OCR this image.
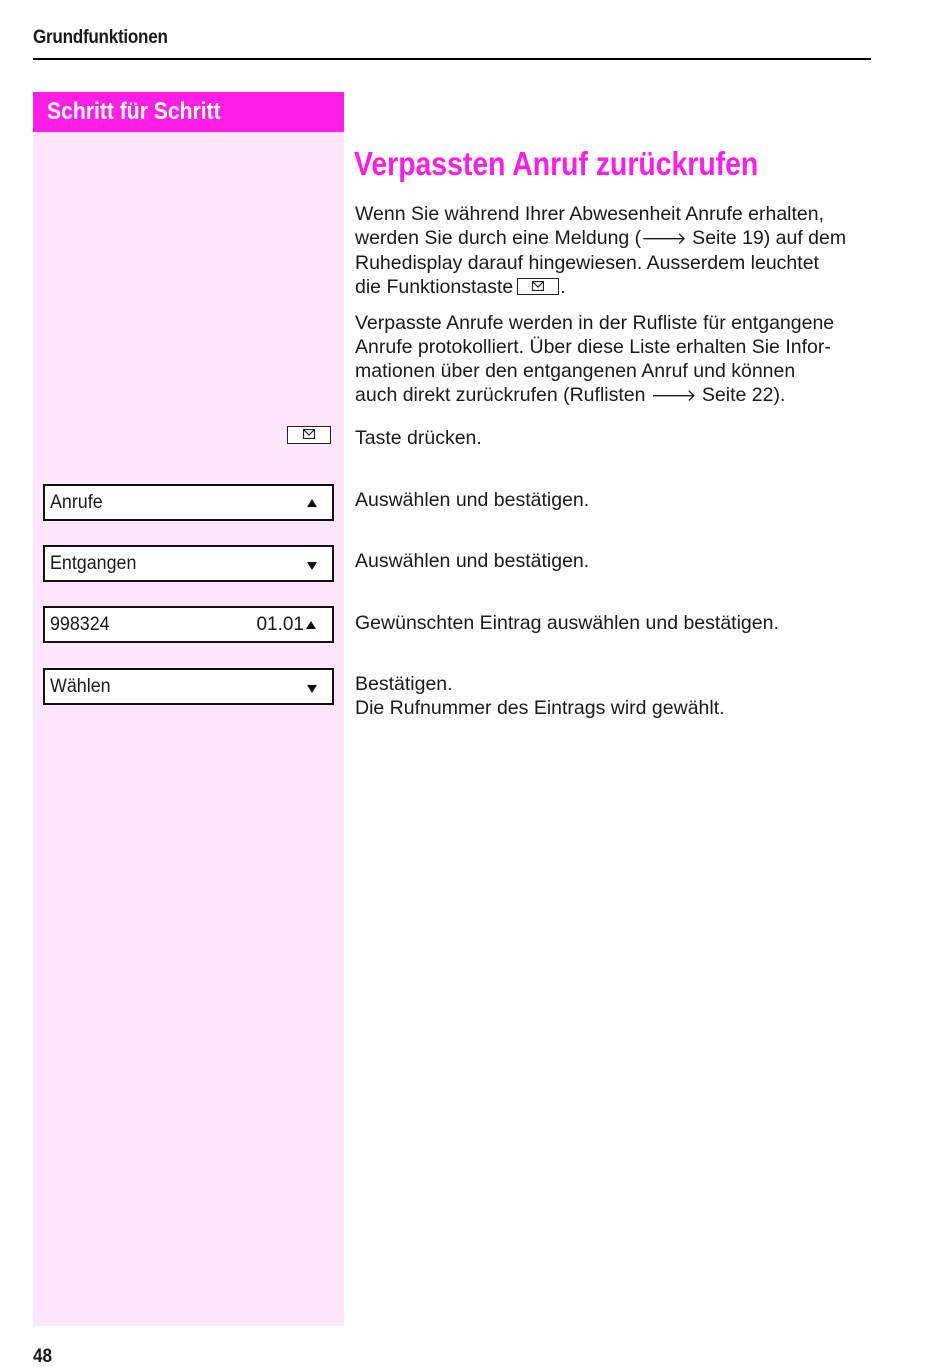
Grundfunktionen
Schritt für Schritt
Verpassten Anruf zurückrufen

Wenn Sie während Ihrer Abwesenheit Anrufe erhalten,
werden Sie durch eine Meldung (🡒 Seite 19) auf dem
Ruhedisplay darauf hingewiesen. Ausserdem leuchtet
die Funktionstaste .

Verpasste Anrufe werden in der Rufliste für entgangene
Anrufe protokolliert. Über diese Liste erhalten Sie Infor-
mationen über den entgangenen Anruf und können
auch direkt zurückrufen (Ruflisten 🡒 Seite 22).

Taste drücken.
Anrufe	Auswählen und bestätigen.
Entgangen	Auswählen und bestätigen.
998324	01.01	Gewünschten Eintrag auswählen und bestätigen.
Wählen	Bestätigen.
Die Rufnummer des Eintrags wird gewählt.
48
